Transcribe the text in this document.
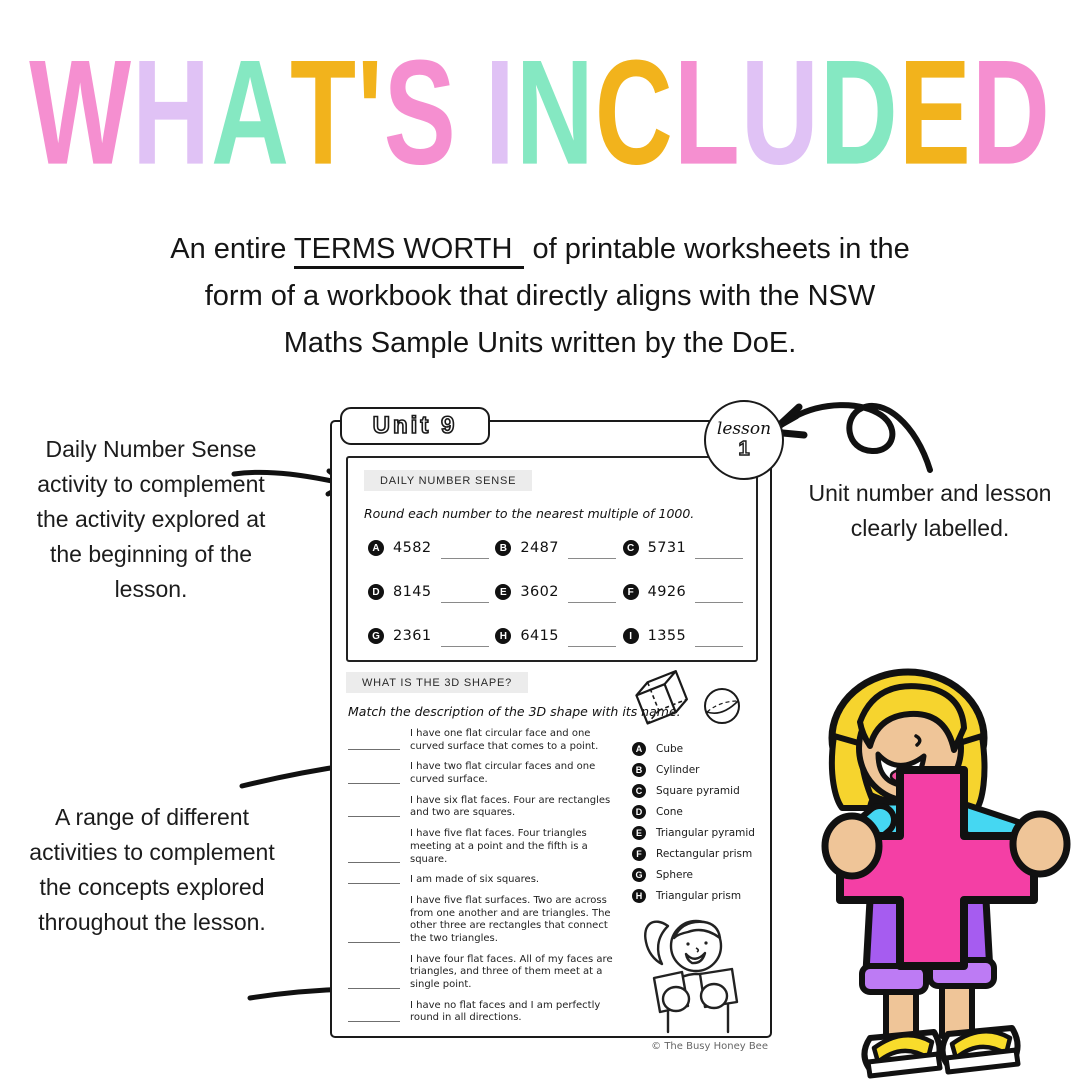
WHAT'S INCLUDED
An entire TERMS WORTH of printable worksheets in the
form of a workbook that directly aligns with the NSW
Maths Sample Units written by the DoE.
Daily Number Sense activity to complement the activity explored at the beginning of the lesson.
A range of different activities to complement the concepts explored throughout the lesson.
Unit number and lesson clearly labelled.
Unit 9	lesson
1
DAILY NUMBER SENSE
Round each number to the nearest multiple of 1000.
A 4582	B 2487	C 5731
D 8145	E 3602	F 4926
G 2361	H 6415	I	1355
WHAT IS THE 3D SHAPE?
Match the description of the 3D shape with its name.
I have one flat circular face and one curved surface that comes to a point.
I have two flat circular faces and one curved surface.
I have six flat faces. Four are rectangles and two are squares.
I have five flat faces. Four triangles meeting at a point and the fifth is a square.
I am made of six squares.
I have five flat surfaces. Two are across from one another and are triangles. The other three are rectangles that connect the two triangles.
I have four flat faces. All of my faces are triangles, and three of them meet at a single point.
I have no flat faces and I am perfectly round in all directions.
A	Cube
B	Cylinder
C	Square pyramid
D	Cone
E	Triangular pyramid
F	Rectangular prism
G	Sphere
H	Triangular prism
© The Busy Honey Bee
